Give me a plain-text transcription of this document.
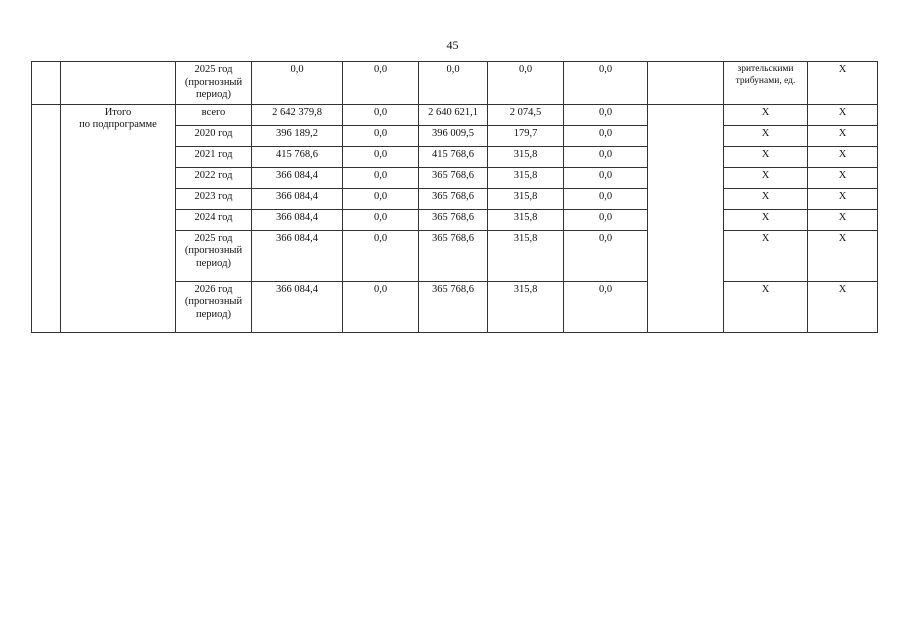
45
		2025 год
(прогнозный
период)	0,0	0,0	0,0	0,0	0,0		зрительскими
трибунами, ед.	Х
	Итого
по подпрограмме	всего	2 642 379,8	0,0	2 640 621,1	2 074,5	0,0		Х	Х
		2020 год	396 189,2	0,0	396 009,5	179,7	0,0		Х	Х
		2021 год	415 768,6	0,0	415 768,6	315,8	0,0		Х	Х
		2022 год	366 084,4	0,0	365 768,6	315,8	0,0		Х	Х
		2023 год	366 084,4	0,0	365 768,6	315,8	0,0		Х	Х
		2024 год	366 084,4	0,0	365 768,6	315,8	0,0		Х	Х
		2025 год
(прогнозный
период)	366 084,4	0,0	365 768,6	315,8	0,0		Х	Х
		2026 год
(прогнозный
период)	366 084,4	0,0	365 768,6	315,8	0,0		Х	Х
